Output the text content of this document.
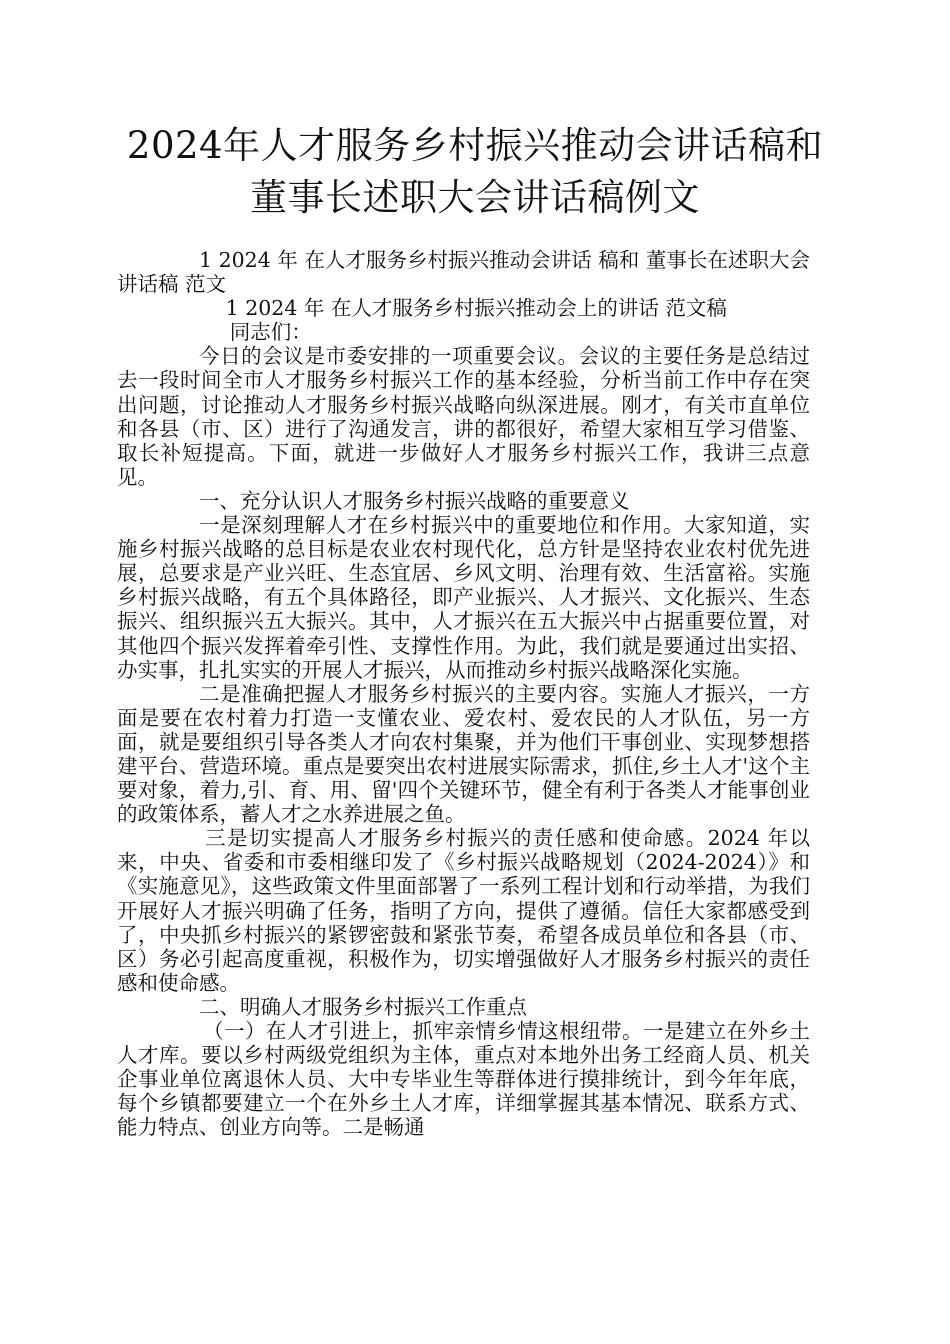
2024年人才服务乡村振兴推动会讲话稿和
董事长述职大会讲话稿例文

1 2024 年 在人才服务乡村振兴推动会讲话 稿和 董事长在述职大会讲话稿 范文

1 2024 年 在人才服务乡村振兴推动会上的讲话 范文稿

同志们：

今日的会议是市委安排的一项重要会议。会议的主要任务是总结过去一段时间全市人才服务乡村振兴工作的基本经验，分析当前工作中存在突出问题，讨论推动人才服务乡村振兴战略向纵深进展。刚才，有关市直单位和各县（市、区）进行了沟通发言，讲的都很好，希望大家相互学习借鉴、取长补短提高。下面，就进一步做好人才服务乡村振兴工作，我讲三点意见。

一、充分认识人才服务乡村振兴战略的重要意义

一是深刻理解人才在乡村振兴中的重要地位和作用。大家知道，实施乡村振兴战略的总目标是农业农村现代化，总方针是坚持农业农村优先进展，总要求是产业兴旺、生态宜居、乡风文明、治理有效、生活富裕。实施乡村振兴战略，有五个具体路径，即产业振兴、人才振兴、文化振兴、生态振兴、组织振兴五大振兴。其中，人才振兴在五大振兴中占据重要位置，对其他四个振兴发挥着牵引性、支撑性作用。为此，我们就是要通过出实招、办实事，扎扎实实的开展人才振兴，从而推动乡村振兴战略深化实施。

二是准确把握人才服务乡村振兴的主要内容。实施人才振兴，一方面是要在农村着力打造一支懂农业、爱农村、爱农民的人才队伍，另一方面，就是要组织引导各类人才向农村集聚，并为他们干事创业、实现梦想搭建平台、营造环境。重点是要突出农村进展实际需求，抓住,乡土人才'这个主要对象，着力,引、育、用、留'四个关键环节，健全有利于各类人才能事创业的政策体系，蓄人才之水养进展之鱼。

三是切实提高人才服务乡村振兴的责任感和使命感。2024 年以来，中央、省委和市委相继印发了《乡村振兴战略规划（2024-2024）》和《实施意见》，这些政策文件里面部署了一系列工程计划和行动举措，为我们开展好人才振兴明确了任务，指明了方向，提供了遵循。信任大家都感受到了，中央抓乡村振兴的紧锣密鼓和紧张节奏，希望各成员单位和各县（市、区）务必引起高度重视，积极作为，切实增强做好人才服务乡村振兴的责任感和使命感。

二、明确人才服务乡村振兴工作重点

（一）在人才引进上，抓牢亲情乡情这根纽带。一是建立在外乡土人才库。要以乡村两级党组织为主体，重点对本地外出务工经商人员、机关企事业单位离退休人员、大中专毕业生等群体进行摸排统计，到今年年底，每个乡镇都要建立一个在外乡土人才库，详细掌握其基本情况、联系方式、能力特点、创业方向等。二是畅通
